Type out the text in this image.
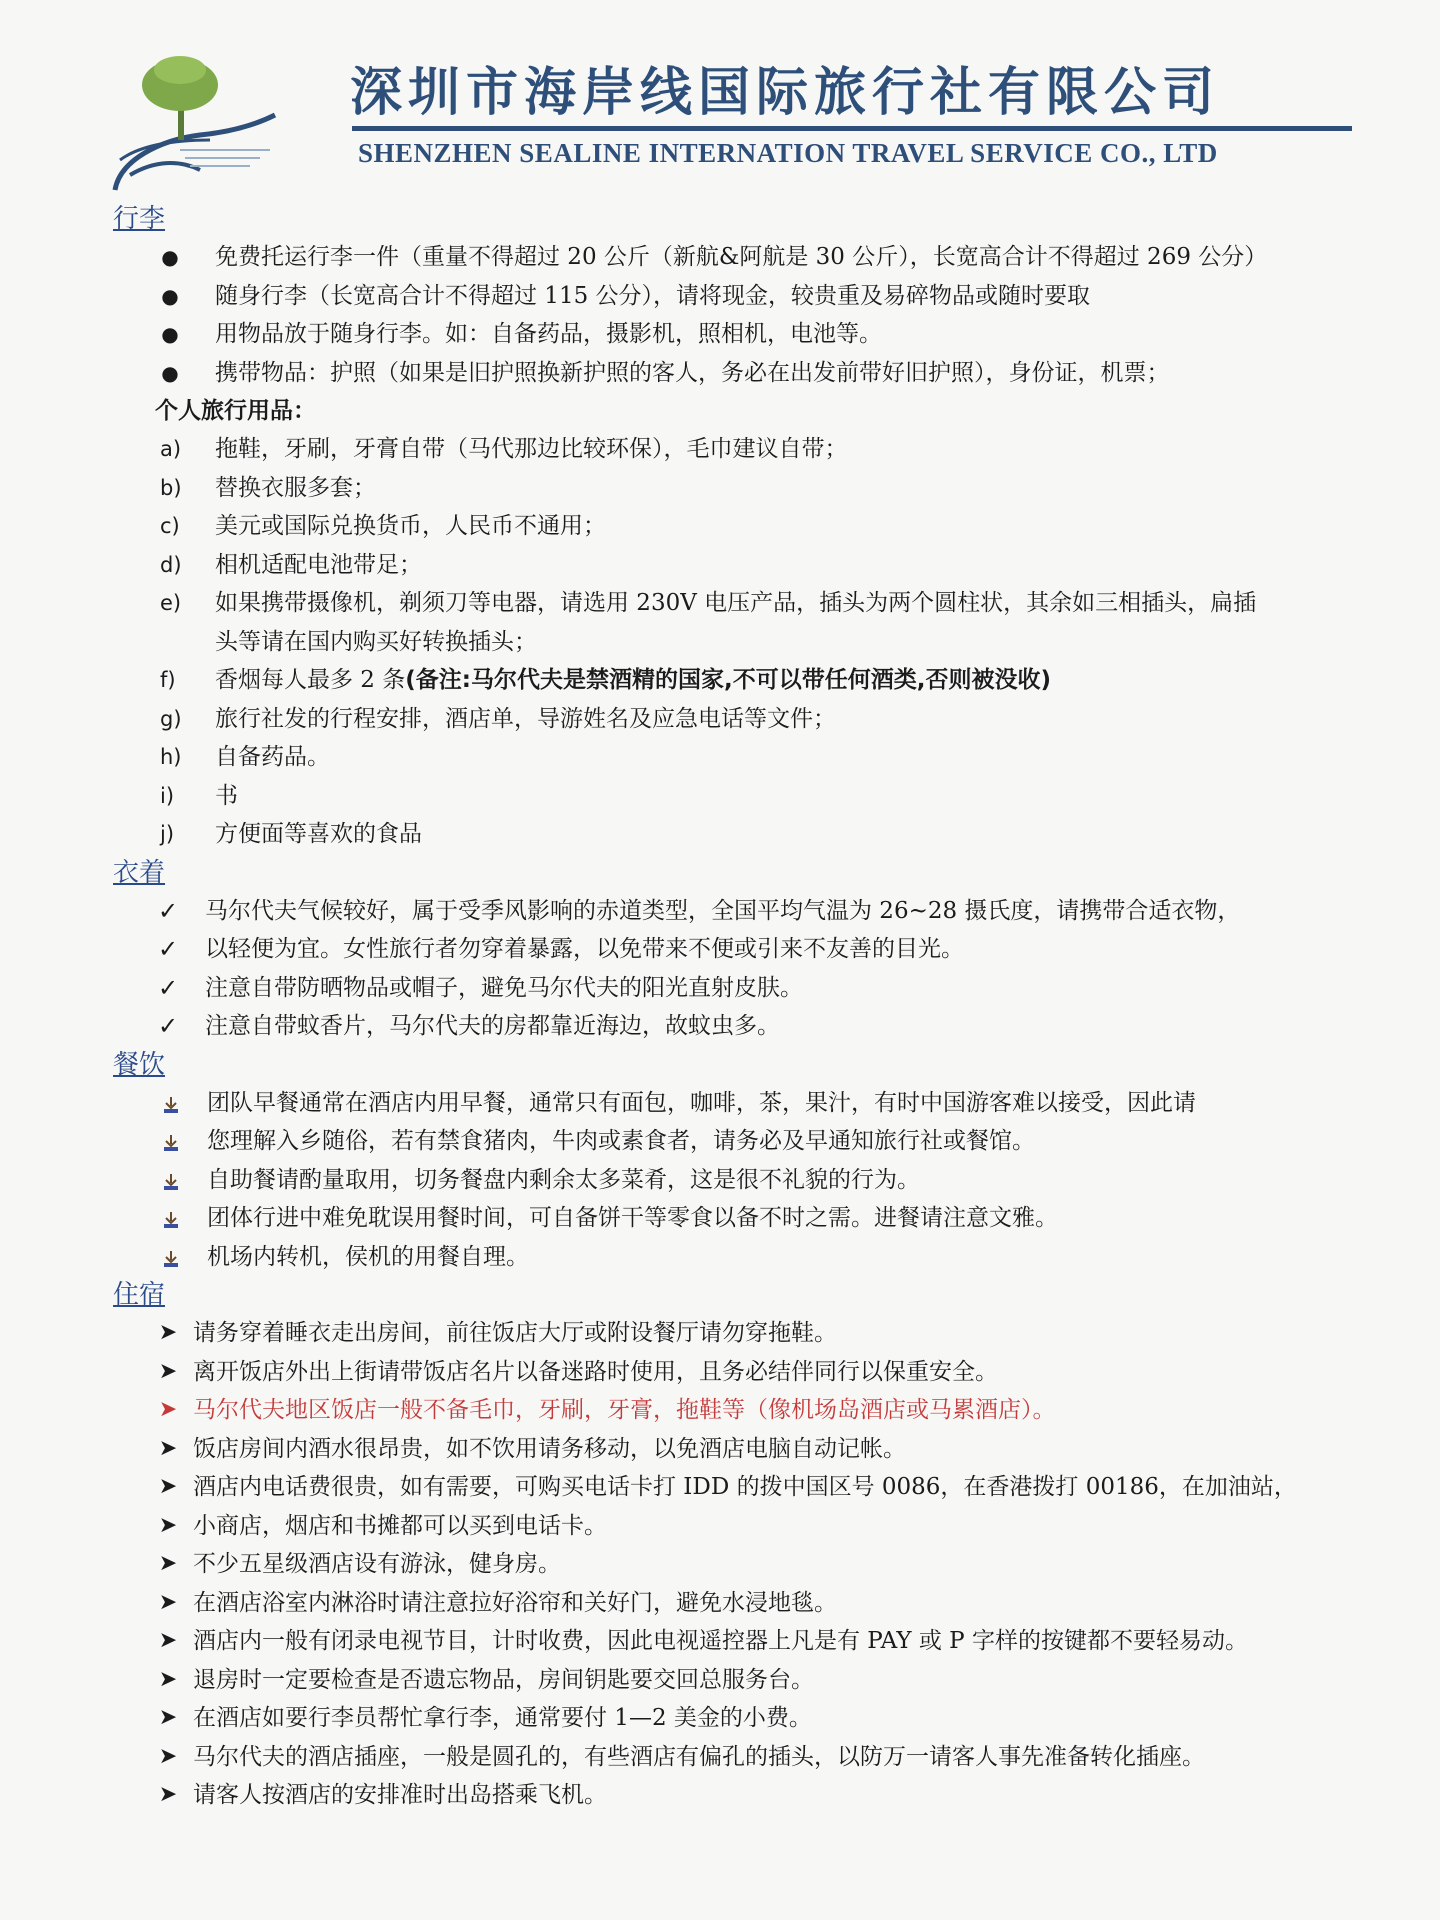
深圳市海岸线国际旅行社有限公司
SHENZHEN SEALINE INTERNATION TRAVEL SERVICE CO., LTD
行李
● 免费托运行李一件（重量不得超过 20 公斤（新航&阿航是 30 公斤），长宽高合计不得超过 269 公分）
● 随身行李（长宽高合计不得超过 115 公分），请将现金，较贵重及易碎物品或随时要取
● 用物品放于随身行李。如：自备药品，摄影机，照相机，电池等。
● 携带物品：护照（如果是旧护照换新护照的客人，务必在出发前带好旧护照），身份证，机票；
个人旅行用品：
a)	拖鞋，牙刷，牙膏自带（马代那边比较环保），毛巾建议自带；
b)	替换衣服多套；
c)	美元或国际兑换货币，人民币不通用；
d)	相机适配电池带足；
e)	如果携带摄像机，剃须刀等电器，请选用 230V 电压产品，插头为两个圆柱状，其余如三相插头，扁插
头等请在国内购买好转换插头；
f)	香烟每人最多 2 条(备注:马尔代夫是禁酒精的国家,不可以带任何酒类,否则被没收)
g)	旅行社发的行程安排，酒店单，导游姓名及应急电话等文件；
h)	自备药品。
i)	书
j)	方便面等喜欢的食品
衣着
✓ 马尔代夫气候较好，属于受季风影响的赤道类型，全国平均气温为 26~28 摄氏度，请携带合适衣物，
✓ 以轻便为宜。女性旅行者勿穿着暴露，以免带来不便或引来不友善的目光。
✓ 注意自带防晒物品或帽子，避免马尔代夫的阳光直射皮肤。
✓ 注意自带蚊香片，马尔代夫的房都靠近海边，故蚊虫多。
餐饮
团队早餐通常在酒店内用早餐，通常只有面包，咖啡，茶，果汁，有时中国游客难以接受，因此请
您理解入乡随俗，若有禁食猪肉，牛肉或素食者，请务必及早通知旅行社或餐馆。
自助餐请酌量取用，切务餐盘内剩余太多菜肴，这是很不礼貌的行为。
团体行进中难免耽误用餐时间，可自备饼干等零食以备不时之需。进餐请注意文雅。
机场内转机，侯机的用餐自理。
住宿
➤ 请务穿着睡衣走出房间，前往饭店大厅或附设餐厅请勿穿拖鞋。
➤ 离开饭店外出上街请带饭店名片以备迷路时使用，且务必结伴同行以保重安全。
➤ 马尔代夫地区饭店一般不备毛巾，牙刷，牙膏，拖鞋等（像机场岛酒店或马累酒店）。
➤ 饭店房间内酒水很昂贵，如不饮用请务移动，以免酒店电脑自动记帐。
➤ 酒店内电话费很贵，如有需要，可购买电话卡打 IDD 的拨中国区号 0086，在香港拨打 00186，在加油站，
➤ 小商店，烟店和书摊都可以买到电话卡。
➤ 不少五星级酒店设有游泳，健身房。
➤ 在酒店浴室内淋浴时请注意拉好浴帘和关好门，避免水浸地毯。
➤ 酒店内一般有闭录电视节目，计时收费，因此电视遥控器上凡是有 PAY 或 P 字样的按键都不要轻易动。
➤ 退房时一定要检查是否遗忘物品，房间钥匙要交回总服务台。
➤ 在酒店如要行李员帮忙拿行李，通常要付 1—2 美金的小费。
➤ 马尔代夫的酒店插座，一般是圆孔的，有些酒店有偏孔的插头，以防万一请客人事先准备转化插座。
➤ 请客人按酒店的安排准时出岛搭乘飞机。
